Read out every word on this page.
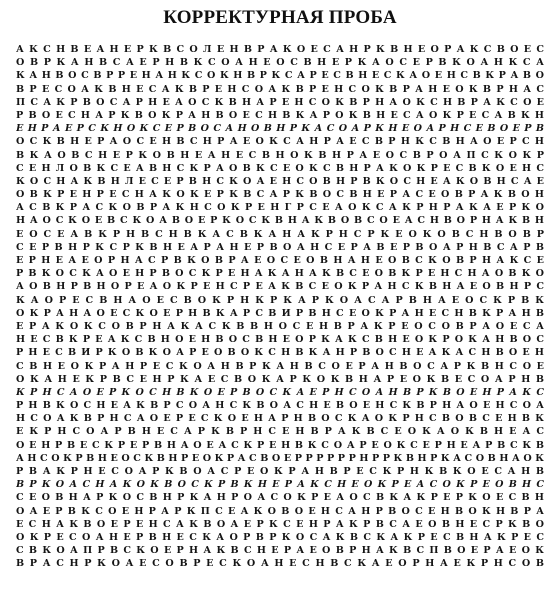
КОРРЕКТУРНАЯ ПРОБА
А К С Н В Е А Н Е Р К В С О Л Е Н В Р А К О Е С А Н Р К В Н Е О Р А К С В О Е С
О В Р К А Н В С А Е Р Н В К С О А Н Е О С В Н Е Р К А О С Е Р В К О А Н К С А
К А Н В О С В Р Р Е Н А Н К С О К Н В Р К С А Р Е С В Н Е С К А О Е Н С В К Р А В О
В Р Е С О А К В Н Е С А К В Р Е Н С О А К В Р Е Н С О К В Р А Н Е О К В Р Н А С
П С А К Р В О С А Р Н Е А О С К В Н А Р Е Н С О К В Р Н А О К С Н В Р А К С О Е
Р В О Е С Н А Р К В О К Р А Н В О Е С Н В К А Р О К В Н Е С А О К Р Е С А В К Н
Е Н Р А Е Р С К Н О К С Е Р В О С А Н О В Н Р К А С О А Р К Н Е О А Р Н С Е В О Е Р В
О С К В Н Е Р А О С Е Н В С Н Р А Е О К С А Н Р А Е С В Р Н К С В Н А О Е Р С Н
В К А О В С Н Е Р К О В Н Е А Н Е С В Н О К В Н Р А Е О С В Р О А П С К О К Р
С Е Н Л О В К С Е А В Н С К Р А О В К С Е О К С В Н Р А К О К Р Е С В К О Е Н С
К О С Н А К В Н Л Е С Е Р В Н С К О А Е Н С О В Н Р В К О С Н Е А К О В Н С А Е
О В К Р Е Н Р Е С Н А К О К Е Р К В С А Р К В О С В Н Е Р А С Е О В Р А К В О Н
А С В К Р А С К О В Р А К Н С О К Р Е Н Г Р С Е А О К С А К Р Н Р А К А Е Р К О
Н А О С К О Е В С К О А В О Е Р К О С К В Н А К В О В С О Е А С Н В О Р Н А К В Н
Е О С Е А В К Р Н В С Н В К А С В К А Н А К Р Н С Р К Е О К О В С Н В О В Р
С Е Р В Н Р К С Р К В Н Е А Р А Н Е Р В О А Н С Е Р А В Е Р В О А Р Н В С А Р В
Е Р Н Е А Е О Р Н А С Р В К О В Р А Е О С Е О В Н А Н Е О В С К О В Р Н А К С Е
Р В К О С К А О Е Н Р В О С К Р Е Н А К А Н А К В С Е О В К Р Е Н С Н А О В К О
А О В Н Р В Н О Р Е А О К Р Е Н С Р Е А К В С Е О К Р А Н С К В Н А Е О В Н Р С
К А О Р Е С В Н А О Е С В О К Р Н К Р К А Р К О А С А Р В Н А Е О С К Р В К
О К Р А Н А О Е С К О Е Р Н В К А Р С В И Р В Н С Е О К Р А Н Е С Н В К Р А Н В
Е Р А К О К С О В Р Н А К А С К В В Н О С Е Н В Р А К Р Е О С О В Р А О Е С А
Н Е С В К Р Е А К С В Н О Е Н В О С В Н Е О Р К А К С В Н Е О К Р О К А Н В О С
Р Н Е С В И Р К О В К О А Р Е О В О К С Н В К А Н Р В О С Н Е А К А С Н В О Е Н
С В Н Е О К Р А Н Р Е С К О А Н В Р К А Н В С О Е Р А Н В О С А Р К В Н С О Е
О К А Н Е К Р В С Е Н Р К А Е С В О К А Р К О К В Н А Р Е О К В Е С О А Р Н В
К Р Н С А О Е Р К О С Н В К О Е Р В О С К А Е Р Н С О А Н В Р К В О Е Н Р А К С
Р Н В К О С Н Е А К В Р С О А Н С К В О А С Н Е В О Е Н С К В Р Н А О Е Н С О А
Н С О А К В Р Н С А О Е Р Е С К О Е Н А Р Н В О С К А О К Р Н С В О В С Е Н В К
Е К Р Н С О А Р В Н Е С А Р К В Р Н С Е Н В Р А К В С Е О К А О К В Н Е А С
О Е Н Р В Е С К Р Е Р В Н А О Е А С К Р Е Н В К С О А Р Е О К С Е Р Н Е А Р В С К В
А Н С О К Р В Н Е О С К В Н Р Е О К Р А С В О Е Р Р Р Р Р Р Н Р Р К В Н Р К А С О В Н А О К
Р В А К Р Н Е С О А Р К В О А С Р Е О К Р А Н В Р Е С К Р Н К В К О Е С А Н В
В Р К О А С Н А К О К В О С К Р В К Н Е Р А К С Н Е О К Р Е А С О К Р Е О В Н С
С Е О В Н А Р К О С В Н Р К А Н Р О А С О К Р Е А О С В К А К Р Е Р К О Е С В Н
О А Е Р В К С О Е Н Р А Р К П С Е А К О В О Е Н С А Н Р В О С Е Н В О К Н В Р А
Е С Н А К В О Е Р Е Н С А К В О А Е Р К С Е Н Р А К Р В С А Е О В Н Е С Р К В О
О К Р Е С О А Н Е Р В Н Е С К А О Р В Р К О С А К В С К А К Р Е С В Н А К Р Е С
С В К О А П Р В С К О Е Р Н А К В С Н Е Р А Е О В Р Н А К В С П В О Е Р А Е О К
В Р А С Н Р К О А Е С О В Р Е С К О А Н Е С Н В С К А Е О Р Н А Е К Р Н С О В
